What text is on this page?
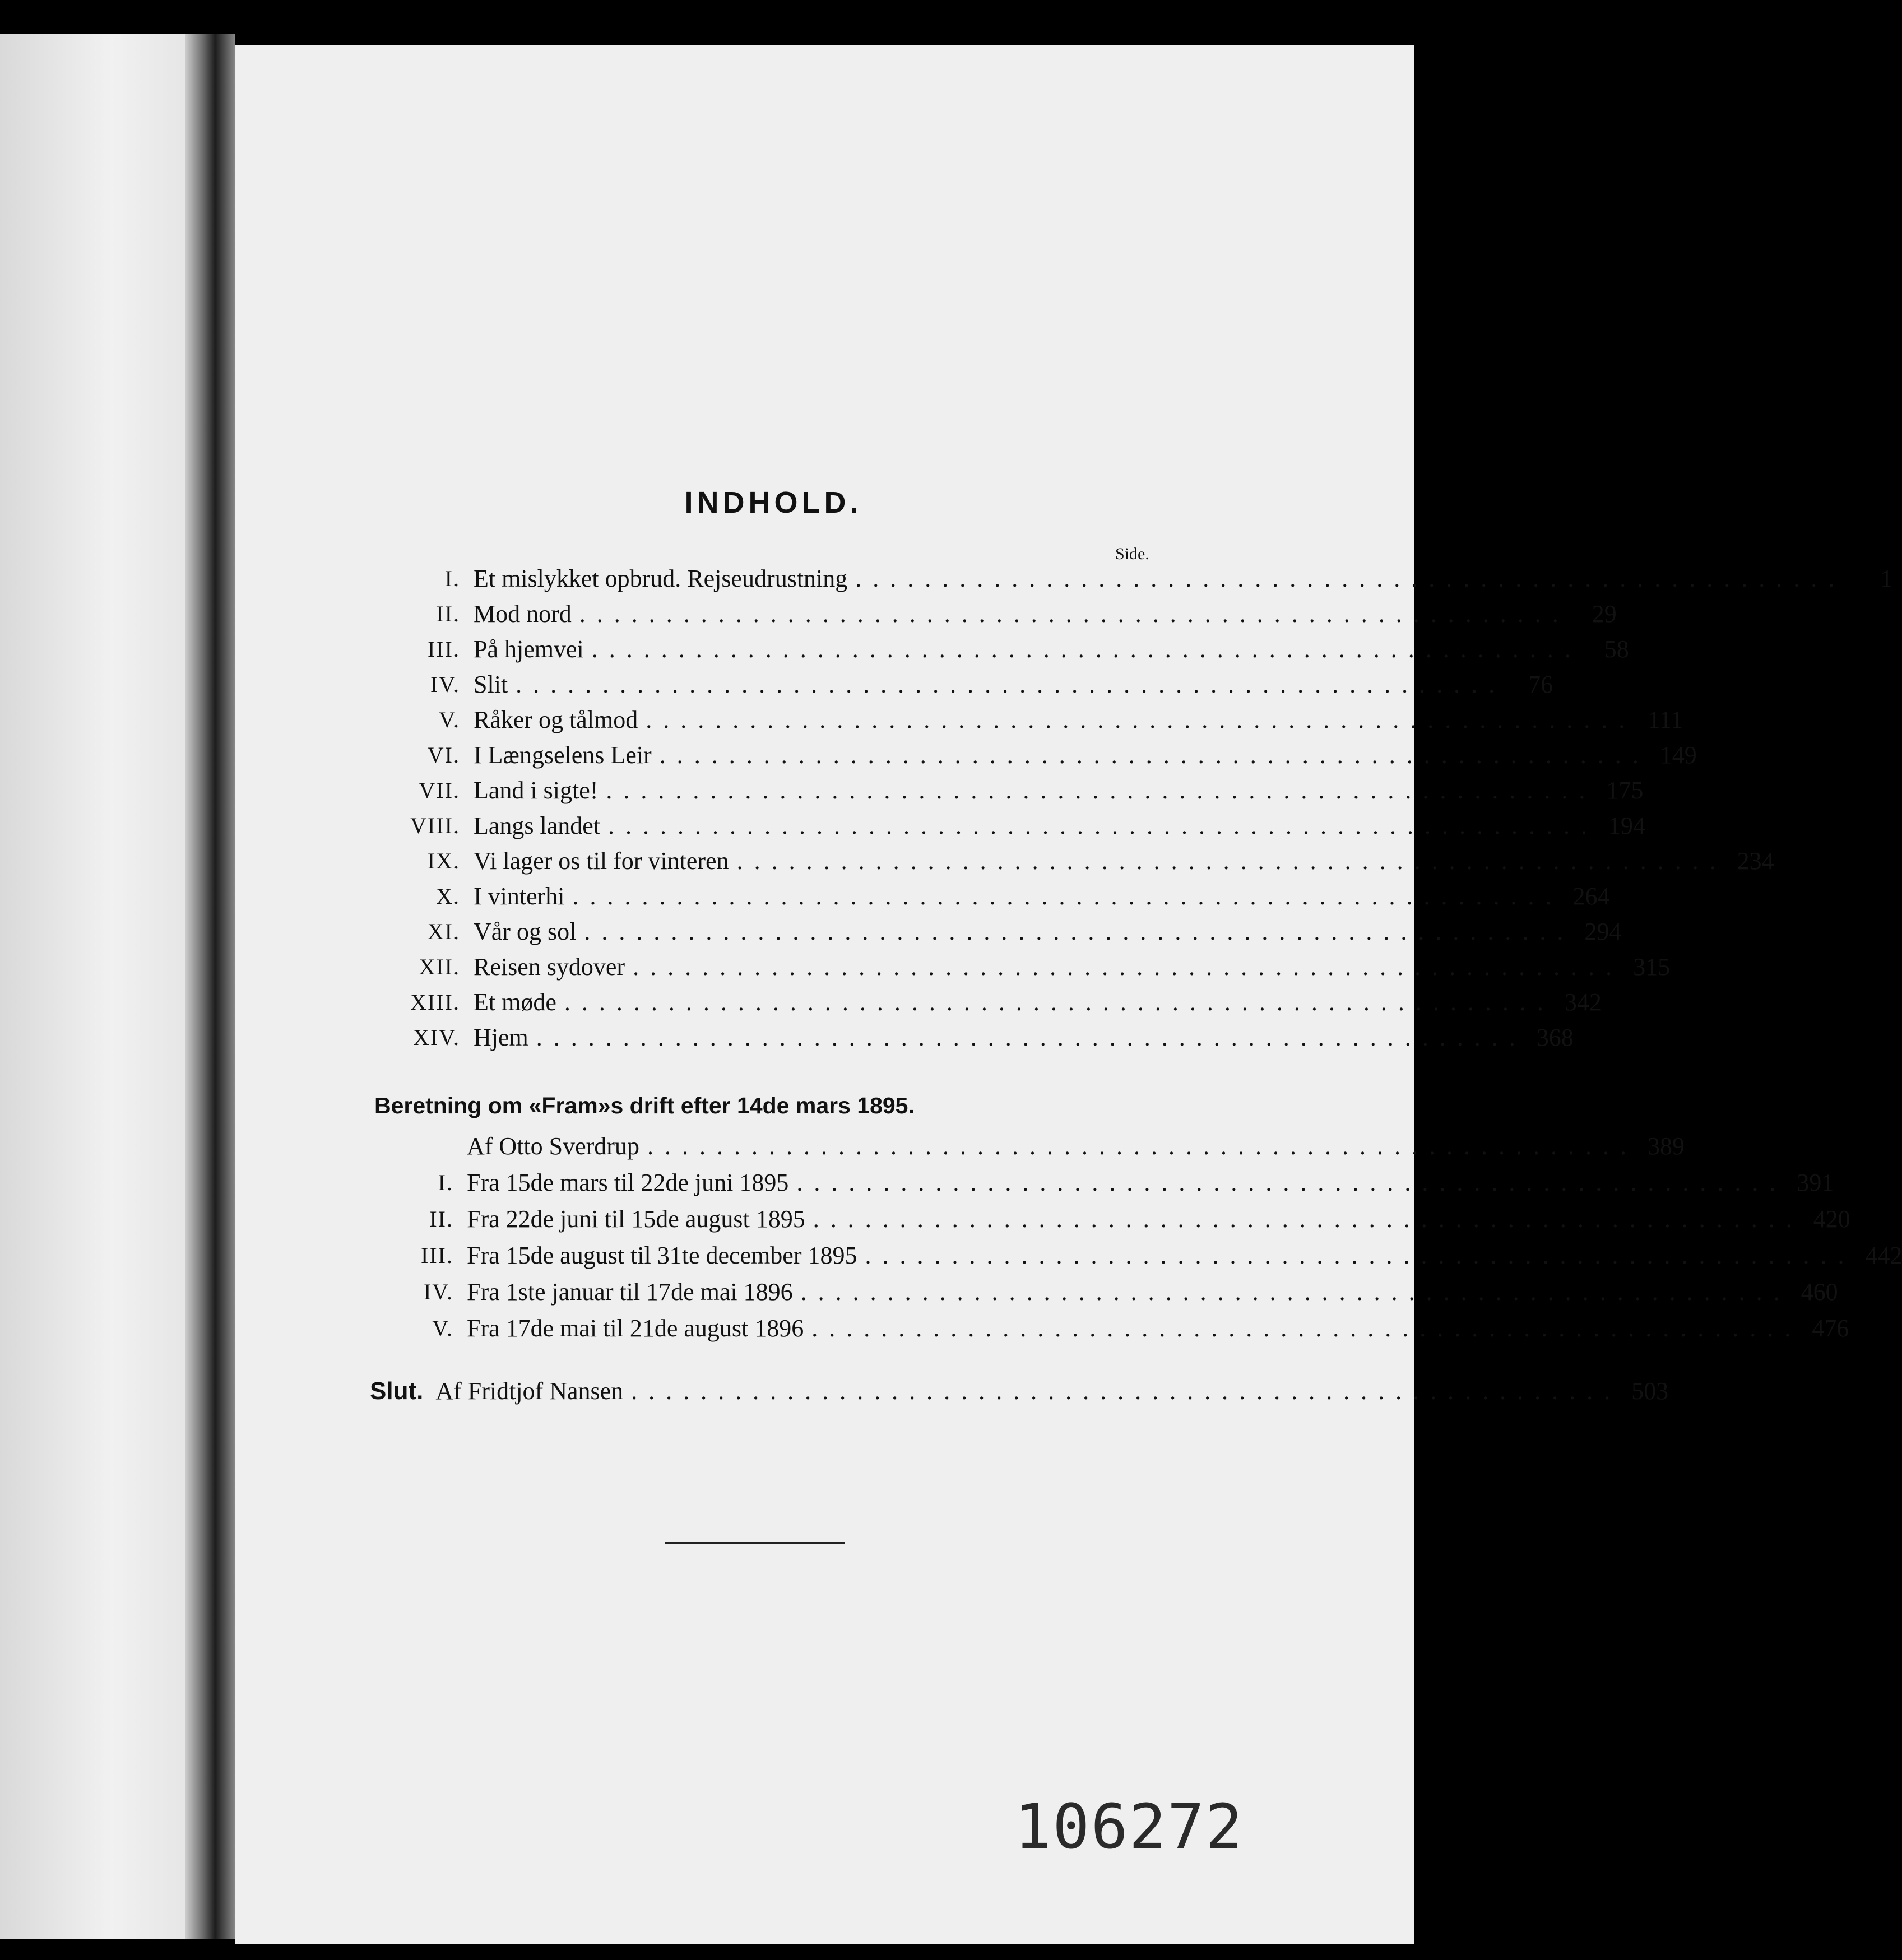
INDHOLD.
Side.
I. Et mislykket opbrud. Rejseudrustning .........................................................	1
II. Mod nord ......................................................... 29
III. På hjemvei ......................................................... 58
IV. Slit ......................................................... 76
V. Råker og tålmod ......................................................... 111
VI. I Længselens Leir ......................................................... 149
VII. Land i sigte! ......................................................... 175
VIII. Langs landet ......................................................... 194
IX. Vi lager os til for vinteren ......................................................... 234
X. I vinterhi ......................................................... 264
XI. Vår og sol ......................................................... 294
XII. Reisen sydover ......................................................... 315
XIII. Et møde ......................................................... 342
XIV. Hjem ......................................................... 368
Beretning om «Fram»s drift efter 14de mars 1895.
Af Otto Sverdrup ......................................................... 389
I. Fra 15de mars til 22de juni 1895 ......................................................... 391
II. Fra 22de juni til 15de august 1895 ......................................................... 420
III. Fra 15de august til 31te december 1895 ......................................................... 442
IV. Fra 1ste januar til 17de mai 1896 ......................................................... 460
V. Fra 17de mai til 21de august 1896 ......................................................... 476
Slut. Af Fridtjof Nansen ......................................................... 503
106272
